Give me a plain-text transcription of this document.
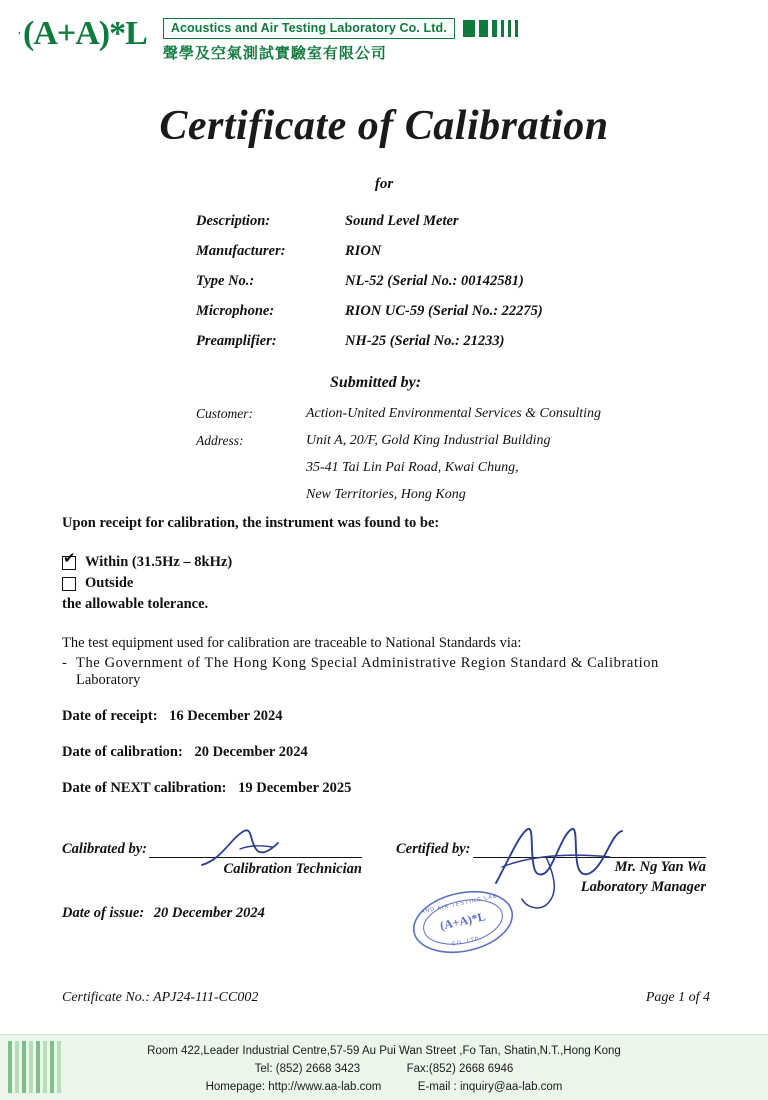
, (A+A)*L	Acoustics and Air Testing Laboratory Co. Ltd.
聲學及空氣測試實驗室有限公司
Certificate of Calibration
for
Description:	Sound Level Meter
Manufacturer:	RION
Type No.:	NL-52 (Serial No.: 00142581)
Microphone:	RION UC-59 (Serial No.: 22275)
Preamplifier:	NH-25 (Serial No.: 21233)
Submitted by:
Customer:	Action-United Environmental Services & Consulting
Address:	Unit A, 20/F, Gold King Industrial Building
35-41 Tai Lin Pai Road, Kwai Chung,
New Territories, Hong Kong
Upon receipt for calibration, the instrument was found to be:
✔
Within (31.5Hz – 8kHz)
Outside
the allowable tolerance.
The test equipment used for calibration are traceable to National Standards via:
- The Government of The Hong Kong Special Administrative Region Standard & Calibration
Laboratory
Date of receipt: 16 December 2024
Date of calibration: 20 December 2024
Date of NEXT calibration: 19 December 2025
Calibrated by:
Calibration Technician
Certified by:
Mr. Ng Yan Wa
Laboratory Manager
Date of issue: 20 December 2024	(A+A)*L
AND AIR TESTING LAB
CO. LTD.
Certificate No.: APJ24-111-CC002	Page 1 of 4
Room 422,Leader Industrial Centre,57-59 Au Pui Wan Street ,Fo Tan, Shatin,N.T.,Hong Kong
Tel: (852) 2668 3423	Fax:(852) 2668 6946
Homepage: http://www.aa-lab.com	E-mail : inquiry@aa-lab.com
